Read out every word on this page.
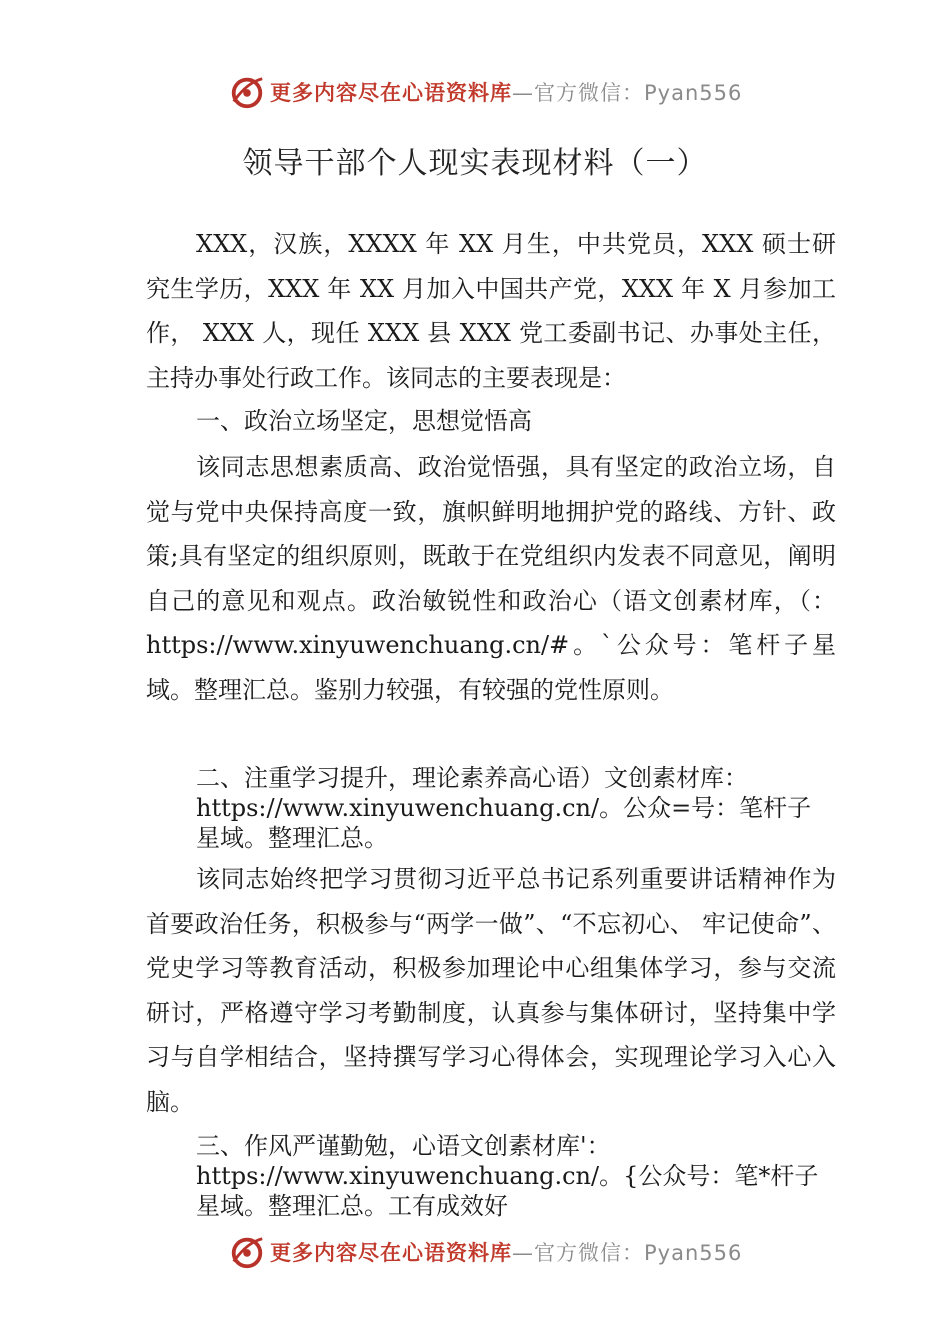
更多内容尽在心语资料库—官方微信：Pyan556
领导干部个人现实表现材料（一）

XXX，汉族，XXXX 年 XX 月生，中共党员，XXX 硕士研究生学历，XXX 年 XX 月加入中国共产党，XXX 年 X 月参加工作， XXX 人，现任 XXX 县 XXX 党工委副书记、办事处主任，主持办事处行政工作。该同志的主要表现是：

一、政治立场坚定，思想觉悟高

该同志思想素质高、政治觉悟强，具有坚定的政治立场，自觉与党中央保持高度一致，旗帜鲜明地拥护党的路线、方针、政策;具有坚定的组织原则，既敢于在党组织内发表不同意见，阐明自己的意见和观点。政治敏锐性和政治心（语文创素材库，（：https://www.xinyuwenchuang.cn/#。`公众号：笔杆子星域。整理汇总。鉴别力较强，有较强的党性原则。

二、注重学习提升，理论素养高心语）文创素材库：https://www.xinyuwenchuang.cn/。公众=号：笔杆子星域。整理汇总。

该同志始终把学习贯彻习近平总书记系列重要讲话精神作为首要政治任务，积极参与“两学一做”、“不忘初心、 牢记使命”、党史学习等教育活动，积极参加理论中心组集体学习，参与交流研讨，严格遵守学习考勤制度，认真参与集体研讨，坚持集中学习与自学相结合，坚持撰写学习心得体会，实现理论学习入心入脑。

三、作风严谨勤勉，心语文创素材库'：https://www.xinyuwenchuang.cn/。{公众号：笔*杆子星域。整理汇总。工有成效好

更多内容尽在心语资料库—官方微信：Pyan556
